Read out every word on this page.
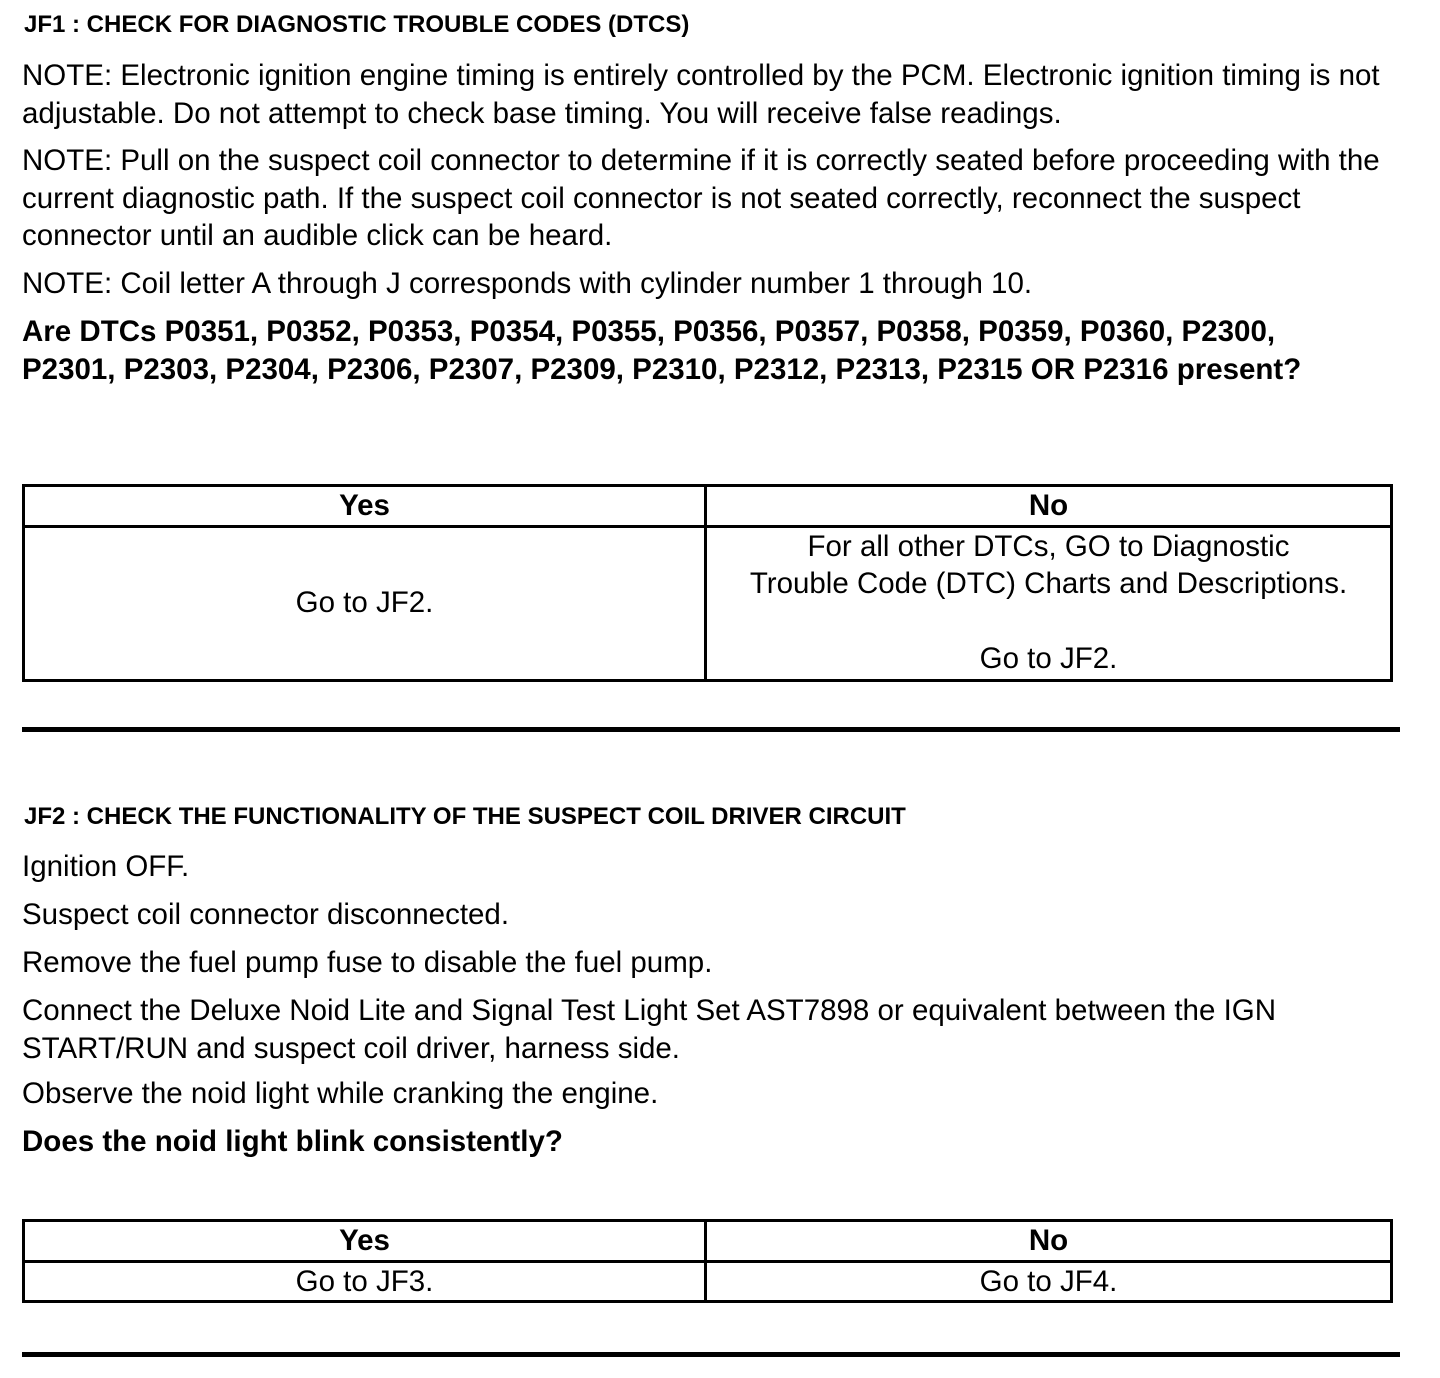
JF1 : CHECK FOR DIAGNOSTIC TROUBLE CODES (DTCS)

NOTE: Electronic ignition engine timing is entirely controlled by the PCM. Electronic ignition timing is not adjustable. Do not attempt to check base timing. You will receive false readings.

NOTE: Pull on the suspect coil connector to determine if it is correctly seated before proceeding with the current diagnostic path. If the suspect coil connector is not seated correctly, reconnect the suspect connector until an audible click can be heard.

NOTE: Coil letter A through J corresponds with cylinder number 1 through 10.

Are DTCs P0351, P0352, P0353, P0354, P0355, P0356, P0357, P0358, P0359, P0360, P2300, P2301, P2303, P2304, P2306, P2307, P2309, P2310, P2312, P2313, P2315 OR P2316 present?

Yes	No
Go to JF2.	For all other DTCs, GO to Diagnostic
Trouble Code (DTC) Charts and Descriptions.
Go to JF2.
JF2 : CHECK THE FUNCTIONALITY OF THE SUSPECT COIL DRIVER CIRCUIT

Ignition OFF.

Suspect coil connector disconnected.

Remove the fuel pump fuse to disable the fuel pump.

Connect the Deluxe Noid Lite and Signal Test Light Set AST7898 or equivalent between the IGN START/RUN and suspect coil driver, harness side.

Observe the noid light while cranking the engine.

Does the noid light blink consistently?

Yes	No
Go to JF3.	Go to JF4.
